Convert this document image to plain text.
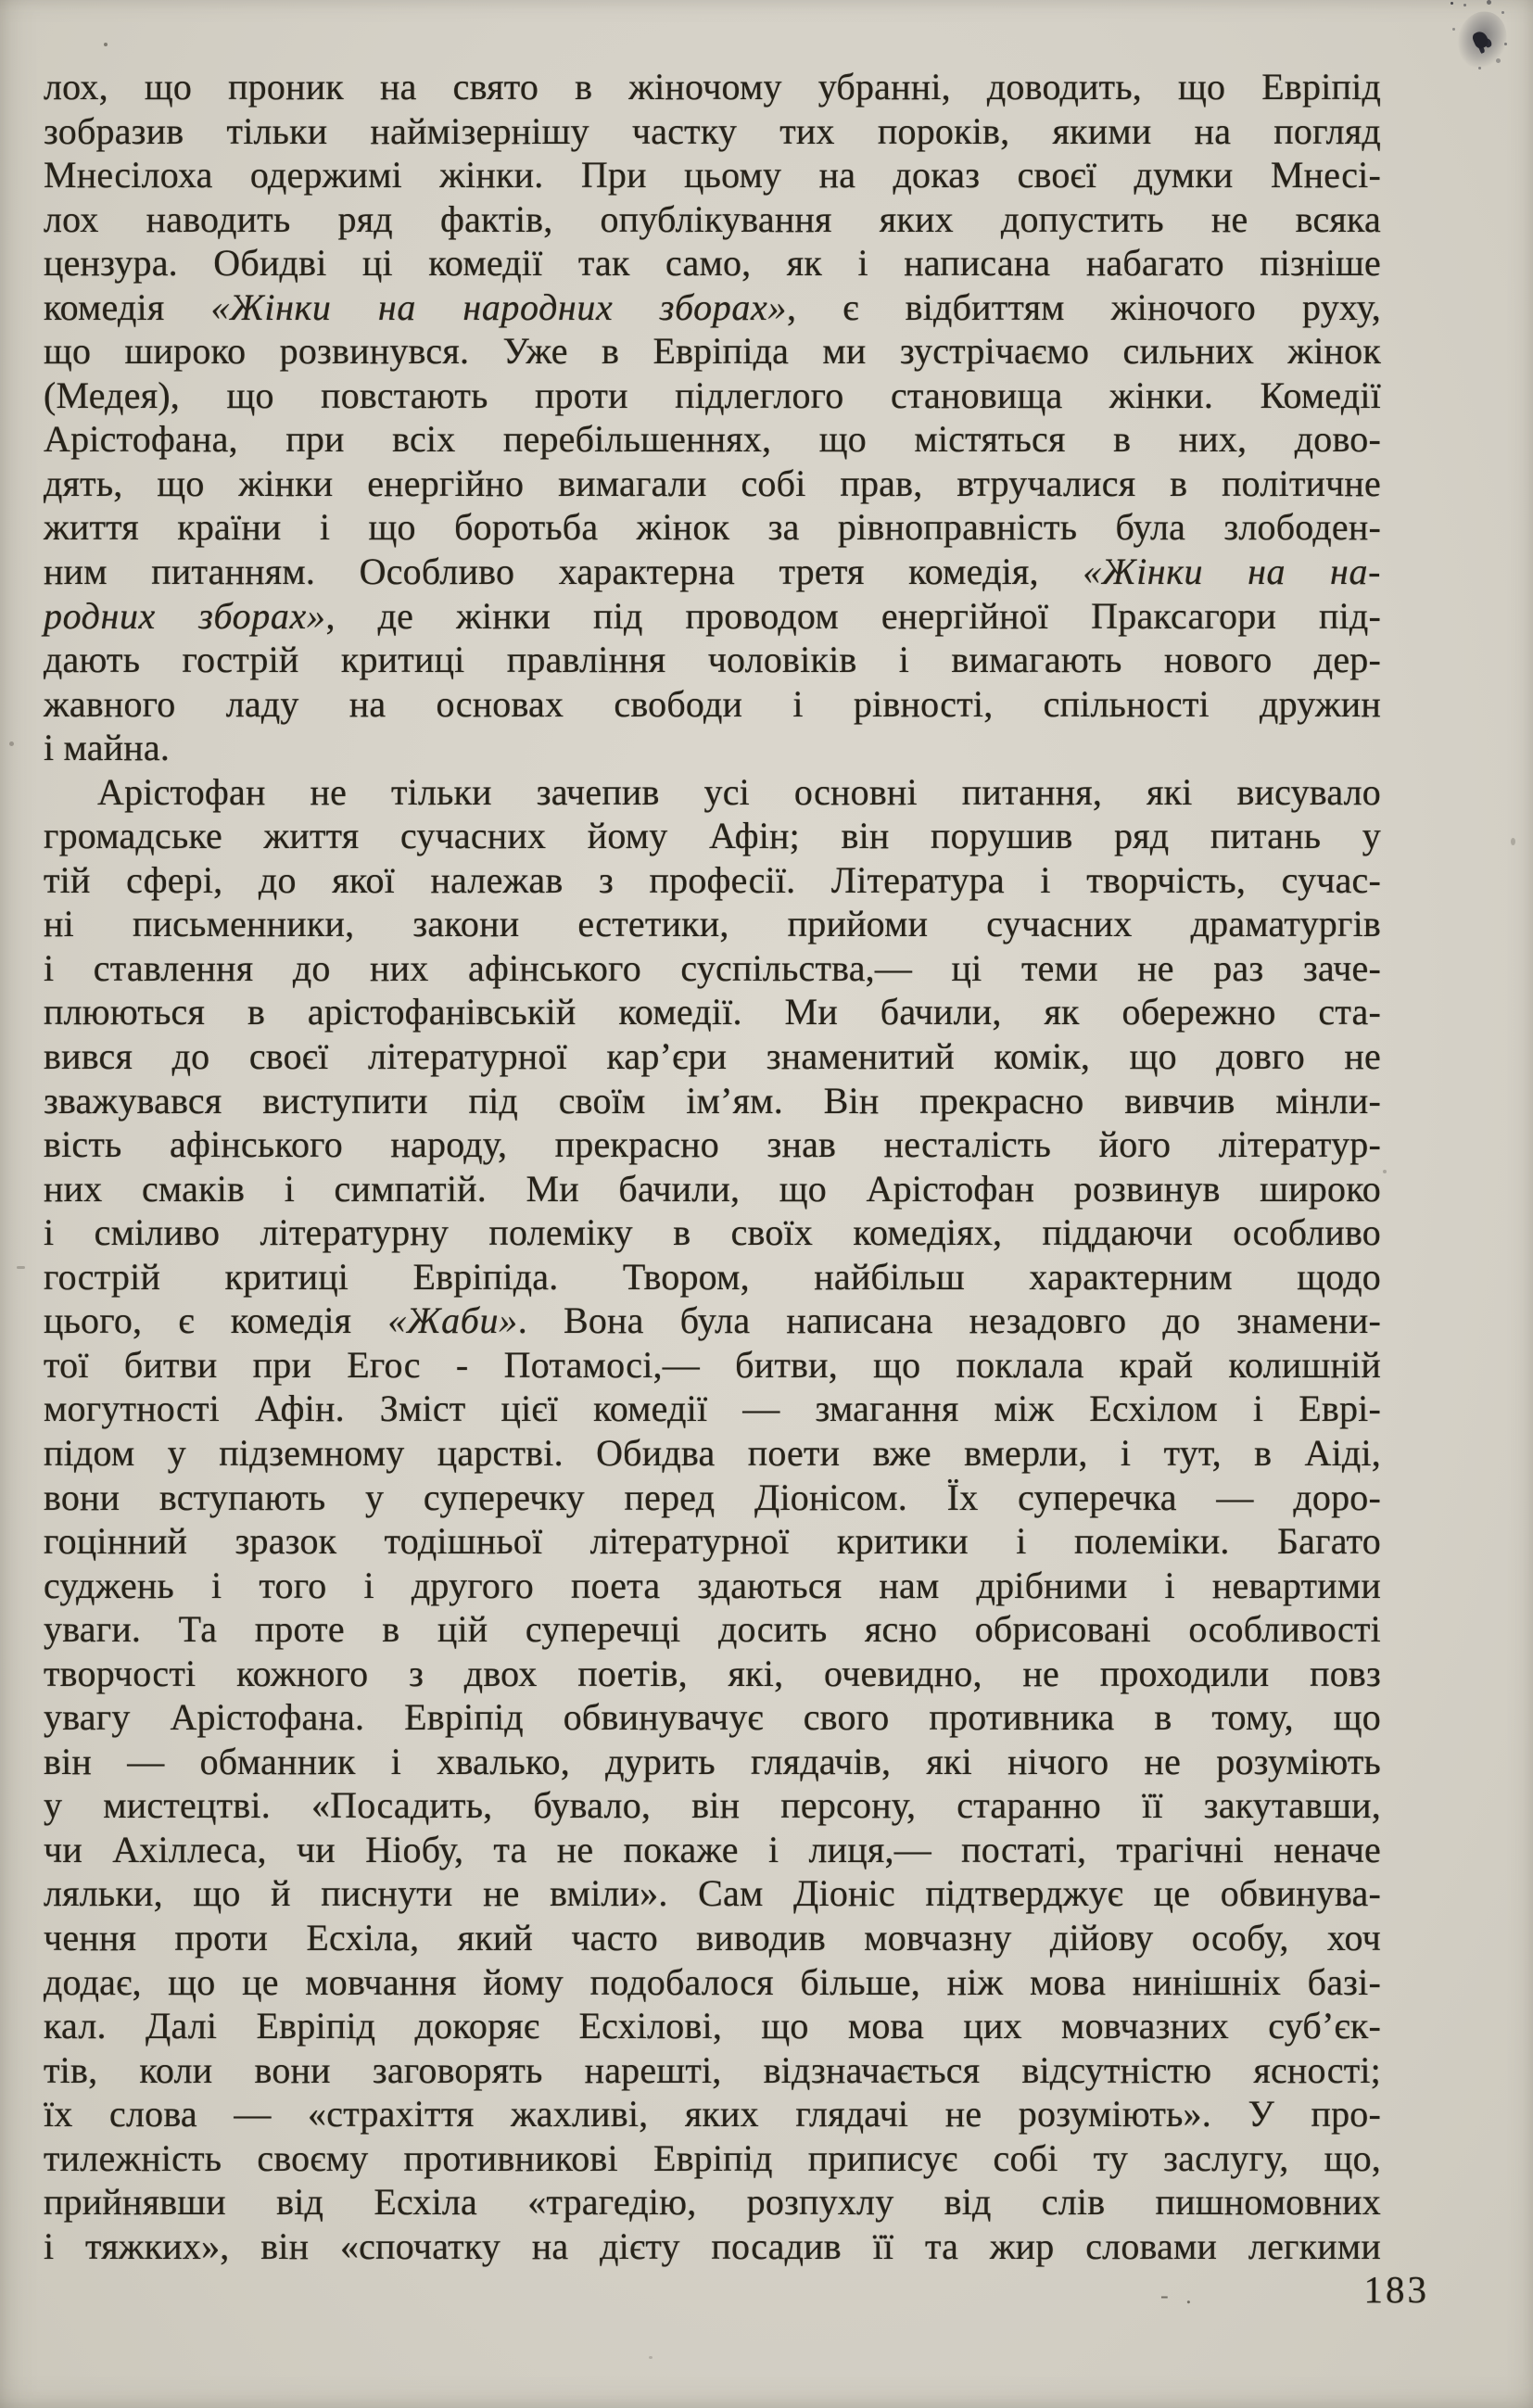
лох, що проник на свято в жіночому убранні, доводить, що Евріпід
зобразив тільки наймізернішу частку тих пороків, якими на погляд
Мнесілоха одержимі жінки. При цьому на доказ своєї думки Мнесі-
лох наводить ряд фактів, опублікування яких допустить не всяка
цензура. Обидві ці комедії так само, як і написана набагато пізніше
комедія «Жінки на народних зборах», є відбиттям жіночого руху,
що широко розвинувся. Уже в Евріпіда ми зустрічаємо сильних жінок
(Медея), що повстають проти підлеглого становища жінки. Комедії
Арістофана, при всіх перебільшеннях, що містяться в них, дово-
дять, що жінки енергійно вимагали собі прав, втручалися в політичне
життя країни і що боротьба жінок за рівноправність була злободен-
ним питанням. Особливо характерна третя комедія, «Жінки на на-
родних зборах», де жінки під проводом енергійної Праксагори під-
дають гострій критиці правління чоловіків і вимагають нового дер-
жавного ладу на основах свободи і рівності, спільності дружин
і майна.
Арістофан не тільки зачепив усі основні питання, які висувало
громадське життя сучасних йому Афін; він порушив ряд питань у
тій сфері, до якої належав з професії. Література і творчість, сучас-
ні письменники, закони естетики, прийоми сучасних драматургів
і ставлення до них афінського суспільства,— ці теми не раз заче-
плюються в арістофанівській комедії. Ми бачили, як обережно ста-
вився до своєї літературної кар’єри знаменитий комік, що довго не
зважувався виступити під своїм ім’ям. Він прекрасно вивчив мінли-
вість афінського народу, прекрасно знав несталість його літератур-
них смаків і симпатій. Ми бачили, що Арістофан розвинув широко
і сміливо літературну полеміку в своїх комедіях, піддаючи особливо
гострій критиці Евріпіда. Твором, найбільш характерним щодо
цього, є комедія «Жаби». Вона була написана незадовго до знамени-
тої битви при Егос - Потамосі,— битви, що поклала край колишній
могутності Афін. Зміст цієї комедії — змагання між Есхілом і Еврі-
підом у підземному царстві. Обидва поети вже вмерли, і тут, в Аіді,
вони вступають у суперечку перед Діонісом. Їх суперечка — доро-
гоцінний зразок тодішньої літературної критики і полеміки. Багато
суджень і того і другого поета здаються нам дрібними і невартими
уваги. Та проте в цій суперечці досить ясно обрисовані особливості
творчості кожного з двох поетів, які, очевидно, не проходили повз
увагу Арістофана. Евріпід обвинувачує свого противника в тому, що
він — обманник і хвалько, дурить глядачів, які нічого не розуміють
у мистецтві. «Посадить, бувало, він персону, старанно її закутавши,
чи Ахіллеса, чи Ніобу, та не покаже і лиця,— постаті, трагічні неначе
ляльки, що й писнути не вміли». Сам Діоніс підтверджує це обвинува-
чення проти Есхіла, який часто виводив мовчазну дійову особу, хоч
додає, що це мовчання йому подобалося більше, ніж мова нинішніх базі-
кал. Далі Евріпід докоряє Есхілові, що мова цих мовчазних суб’єк-
тів, коли вони заговорять нарешті, відзначається відсутністю ясності;
їх слова — «страхіття жахливі, яких глядачі не розуміють». У про-
тилежність своєму противникові Евріпід приписує собі ту заслугу, що,
прийнявши від Есхіла «трагедію, розпухлу від слів пишномовних
і тяжких», він «спочатку на дієту посадив її та жир словами легкими
- .	183
